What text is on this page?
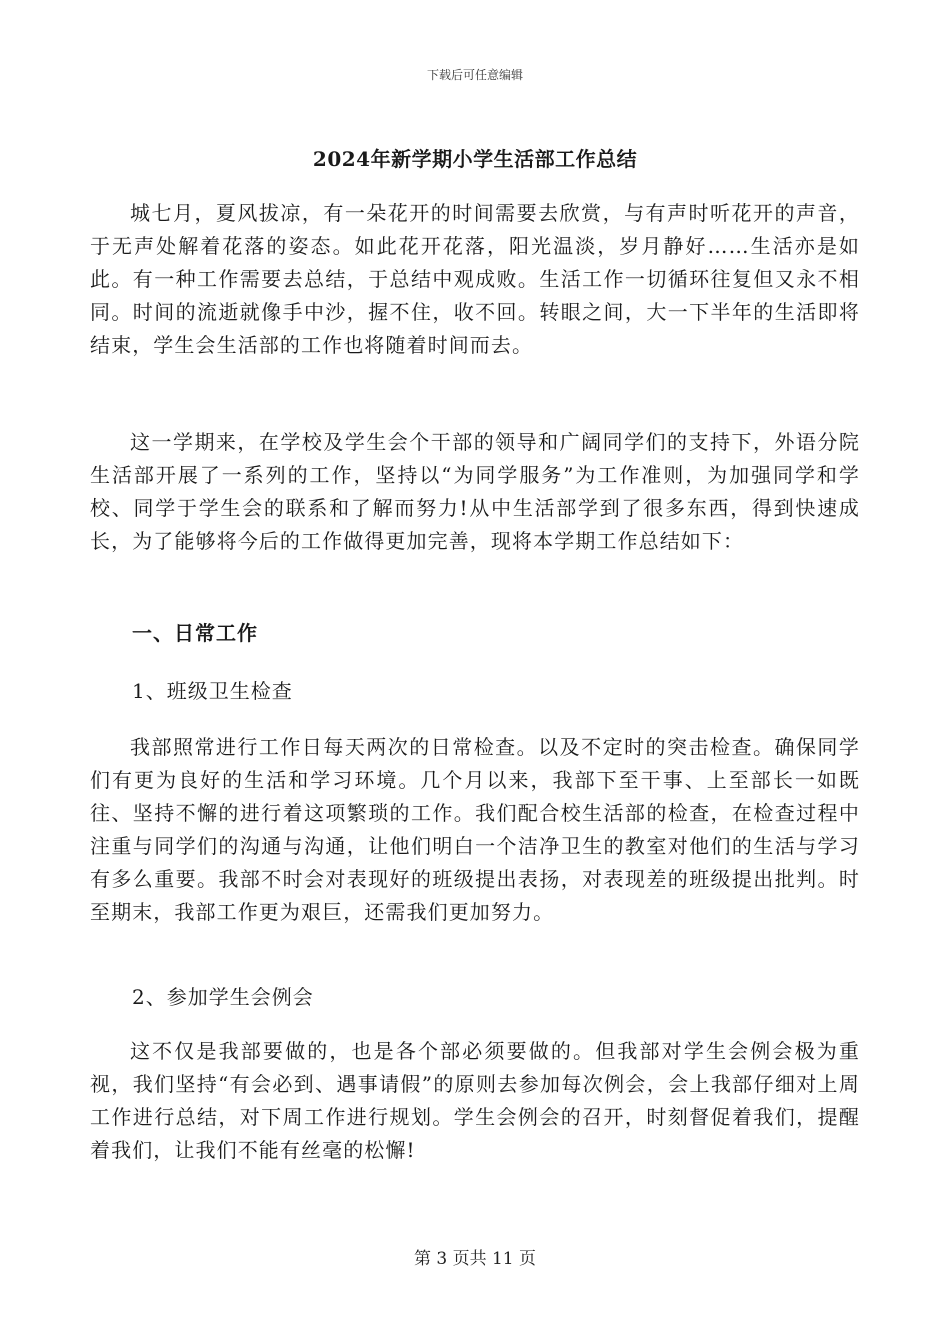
下载后可任意编辑
2024年新学期小学生活部工作总结

城七月，夏风拔凉，有一朵花开的时间需要去欣赏，与有声时听花开的声音，于无声处解着花落的姿态。如此花开花落，阳光温淡，岁月静好……生活亦是如此。有一种工作需要去总结，于总结中观成败。生活工作一切循环往复但又永不相同。时间的流逝就像手中沙，握不住，收不回。转眼之间，大一下半年的生活即将结束，学生会生活部的工作也将随着时间而去。

这一学期来，在学校及学生会个干部的领导和广阔同学们的支持下，外语分院生活部开展了一系列的工作，坚持以“为同学服务”为工作准则，为加强同学和学校、同学于学生会的联系和了解而努力!从中生活部学到了很多东西，得到快速成长，为了能够将今后的工作做得更加完善，现将本学期工作总结如下：

一、日常工作
1、班级卫生检查

我部照常进行工作日每天两次的日常检查。以及不定时的突击检查。确保同学们有更为良好的生活和学习环境。几个月以来，我部下至干事、上至部长一如既往、坚持不懈的进行着这项繁琐的工作。我们配合校生活部的检查，在检查过程中注重与同学们的沟通与沟通，让他们明白一个洁净卫生的教室对他们的生活与学习有多么重要。我部不时会对表现好的班级提出表扬，对表现差的班级提出批判。时至期末，我部工作更为艰巨，还需我们更加努力。

2、参加学生会例会

这不仅是我部要做的，也是各个部必须要做的。但我部对学生会例会极为重视，我们坚持“有会必到、遇事请假”的原则去参加每次例会，会上我部仔细对上周工作进行总结，对下周工作进行规划。学生会例会的召开，时刻督促着我们，提醒着我们，让我们不能有丝毫的松懈!

第 3 页共 11 页
